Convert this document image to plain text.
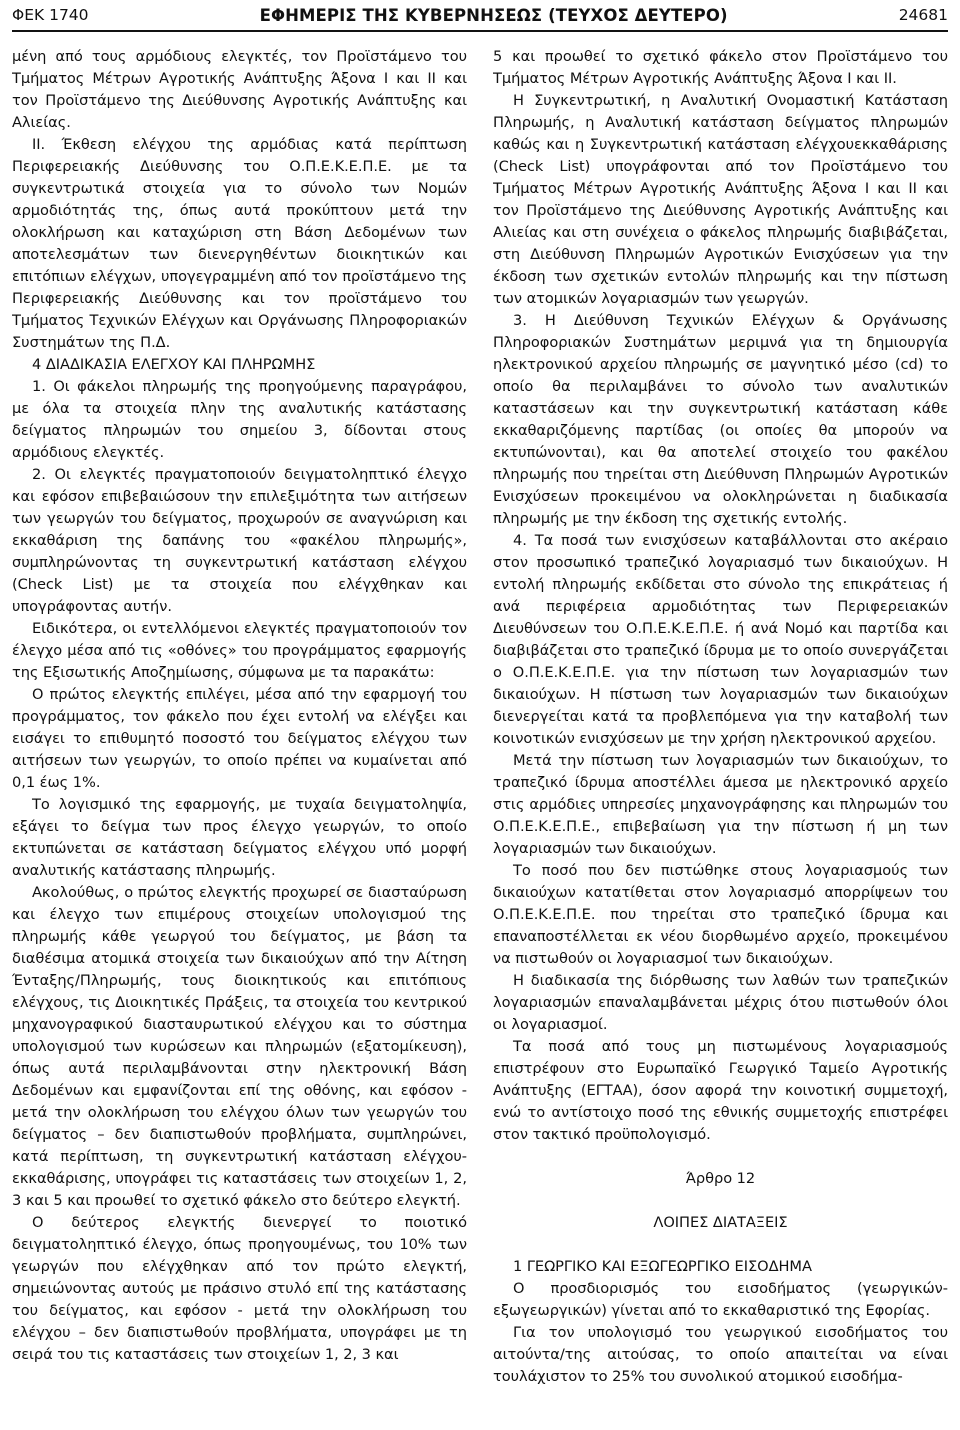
ΦΕΚ 1740	ΕΦΗΜΕΡΙΣ ΤΗΣ ΚΥΒΕΡΝΗΣΕΩΣ (ΤΕΥΧΟΣ ΔΕΥΤΕΡΟ)	24681

μένη από τους αρμόδιους ελεγκτές, τον Προϊστάμενο του Τμήματος Μέτρων Αγροτικής Ανάπτυξης Άξονα Ι και ΙΙ και τον Προϊστάμενο της Διεύθυνσης Αγροτικής Ανάπτυξης και Αλιείας.

ΙΙ. Έκθεση ελέγχου της αρμόδιας κατά περίπτωση Περιφερειακής Διεύθυνσης του Ο.Π.Ε.Κ.Ε.Π.Ε. με τα συγκεντρωτικά στοιχεία για το σύνολο των Νομών αρμοδιότητάς της, όπως αυτά προκύπτουν μετά την ολοκλήρωση και καταχώριση στη Βάση Δεδομένων των αποτελεσμάτων των διενεργηθέντων διοικητικών και επιτόπιων ελέγχων, υπογεγραμμένη από τον προϊστάμενο της Περιφερειακής Διεύθυνσης και τον προϊστάμενο του Τμήματος Τεχνικών Ελέγχων και Οργάνωσης Πληροφοριακών Συστημάτων της Π.Δ.

4 ΔΙΑΔΙΚΑΣΙΑ ΕΛΕΓΧΟΥ ΚΑΙ ΠΛΗΡΩΜΗΣ

1. Οι φάκελοι πληρωμής της προηγούμενης παραγράφου, με όλα τα στοιχεία πλην της αναλυτικής κατάστασης δείγματος πληρωμών του σημείου 3, δίδονται στους αρμόδιους ελεγκτές.

2. Οι ελεγκτές πραγματοποιούν δειγματοληπτικό έλεγχο και εφόσον επιβεβαιώσουν την επιλεξιμότητα των αιτήσεων των γεωργών του δείγματος, προχωρούν σε αναγνώριση και εκκαθάριση της δαπάνης του «φακέλου πληρωμής», συμπληρώνοντας τη συγκεντρωτική κατάσταση ελέγχου (Check List) με τα στοιχεία που ελέγχθηκαν και υπογράφοντας αυτήν.

Ειδικότερα, οι εντελλόμενοι ελεγκτές πραγματοποιούν τον έλεγχο μέσα από τις «οθόνες» του προγράμματος εφαρμογής της Εξισωτικής Αποζημίωσης, σύμφωνα με τα παρακάτω:

Ο πρώτος ελεγκτής επιλέγει, μέσα από την εφαρμογή του προγράμματος, τον φάκελο που έχει εντολή να ελέγξει και εισάγει το επιθυμητό ποσοστό του δείγματος ελέγχου των αιτήσεων των γεωργών, το οποίο πρέπει να κυμαίνεται από 0,1 έως 1%.

Το λογισμικό της εφαρμογής, με τυχαία δειγματοληψία, εξάγει το δείγμα των προς έλεγχο γεωργών, το οποίο εκτυπώνεται σε κατάσταση δείγματος ελέγχου υπό μορφή αναλυτικής κατάστασης πληρωμής.

Ακολούθως, ο πρώτος ελεγκτής προχωρεί σε διασταύρωση και έλεγχο των επιμέρους στοιχείων υπολογισμού της πληρωμής κάθε γεωργού του δείγματος, με βάση τα διαθέσιμα ατομικά στοιχεία των δικαιούχων από την Αίτηση Ένταξης/Πληρωμής, τους διοικητικούς και επιτόπιους ελέγχους, τις Διοικητικές Πράξεις, τα στοιχεία του κεντρικού μηχανογραφικού διασταυρωτικού ελέγχου και το σύστημα υπολογισμού των κυρώσεων και πληρωμών (εξατομίκευση), όπως αυτά περιλαμβάνονται στην ηλεκτρονική Βάση Δεδομένων και εμφανίζονται επί της οθόνης, και εφόσον - μετά την ολοκλήρωση του ελέγχου όλων των γεωργών του δείγματος – δεν διαπιστωθούν προβλήματα, συμπληρώνει, κατά περίπτωση, τη συγκεντρωτική κατάσταση ελέγχου-εκκαθάρισης, υπογράφει τις καταστάσεις των στοιχείων 1, 2, 3 και 5 και προωθεί το σχετικό φάκελο στο δεύτερο ελεγκτή.

Ο δεύτερος ελεγκτής διενεργεί το ποιοτικό δειγματοληπτικό έλεγχο, όπως προηγουμένως, του 10% των γεωργών που ελέγχθηκαν από τον πρώτο ελεγκτή, σημειώνοντας αυτούς με πράσινο στυλό επί της κατάστασης του δείγματος, και εφόσον - μετά την ολοκλήρωση του ελέγχου – δεν διαπιστωθούν προβλήματα, υπογράφει με τη σειρά του τις καταστάσεις των στοιχείων 1, 2, 3 και

5 και προωθεί το σχετικό φάκελο στον Προϊστάμενο του Τμήματος Μέτρων Αγροτικής Ανάπτυξης Άξονα Ι και ΙΙ.

Η Συγκεντρωτική, η Αναλυτική Ονομαστική Κατάσταση Πληρωμής, η Αναλυτική κατάσταση δείγματος πληρωμών καθώς και η Συγκεντρωτική κατάσταση ελέγχουεκκαθάρισης (Check List) υπογράφονται από τον Προϊστάμενο του Τμήματος Μέτρων Αγροτικής Ανάπτυξης Άξονα Ι και ΙΙ και τον Προϊστάμενο της Διεύθυνσης Αγροτικής Ανάπτυξης και Αλιείας και στη συνέχεια ο φάκελος πληρωμής διαβιβάζεται, στη Διεύθυνση Πληρωμών Αγροτικών Ενισχύσεων για την έκδοση των σχετικών εντολών πληρωμής και την πίστωση των ατομικών λογαριασμών των γεωργών.

3. Η Διεύθυνση Τεχνικών Ελέγχων & Οργάνωσης Πληροφοριακών Συστημάτων μεριμνά για τη δημιουργία ηλεκτρονικού αρχείου πληρωμής σε μαγνητικό μέσο (cd) το οποίο θα περιλαμβάνει το σύνολο των αναλυτικών καταστάσεων και την συγκεντρωτική κατάσταση κάθε εκκαθαριζόμενης παρτίδας (οι οποίες θα μπορούν να εκτυπώνονται), και θα αποτελεί στοιχείο του φακέλου πληρωμής που τηρείται στη Διεύθυνση Πληρωμών Αγροτικών Ενισχύσεων προκειμένου να ολοκληρώνεται η διαδικασία πληρωμής με την έκδοση της σχετικής εντολής.

4. Τα ποσά των ενισχύσεων καταβάλλονται στο ακέραιο στον προσωπικό τραπεζικό λογαριασμό των δικαιούχων. Η εντολή πληρωμής εκδίδεται στο σύνολο της επικράτειας ή ανά περιφέρεια αρμοδιότητας των Περιφερειακών Διευθύνσεων του Ο.Π.Ε.Κ.Ε.Π.Ε. ή ανά Νομό και παρτίδα και διαβιβάζεται στο τραπεζικό ίδρυμα με το οποίο συνεργάζεται ο Ο.Π.Ε.Κ.Ε.Π.Ε. για την πίστωση των λογαριασμών των δικαιούχων. Η πίστωση των λογαριασμών των δικαιούχων διενεργείται κατά τα προβλεπόμενα για την καταβολή των κοινοτικών ενισχύσεων με την χρήση ηλεκτρονικού αρχείου.

Μετά την πίστωση των λογαριασμών των δικαιούχων, το τραπεζικό ίδρυμα αποστέλλει άμεσα με ηλεκτρονικό αρχείο στις αρμόδιες υπηρεσίες μηχανογράφησης και πληρωμών του Ο.Π.Ε.Κ.Ε.Π.Ε., επιβεβαίωση για την πίστωση ή μη των λογαριασμών των δικαιούχων.

Το ποσό που δεν πιστώθηκε στους λογαριασμούς των δικαιούχων κατατίθεται στον λογαριασμό απορρίψεων του Ο.Π.Ε.Κ.Ε.Π.Ε. που τηρείται στο τραπεζικό ίδρυμα και επαναποστέλλεται εκ νέου διορθωμένο αρχείο, προκειμένου να πιστωθούν οι λογαριασμοί των δικαιούχων.

Η διαδικασία της διόρθωσης των λαθών των τραπεζικών λογαριασμών επαναλαμβάνεται μέχρις ότου πιστωθούν όλοι οι λογαριασμοί.

Τα ποσά από τους μη πιστωμένους λογαριασμούς επιστρέφουν στο Ευρωπαϊκό Γεωργικό Ταμείο Αγροτικής Ανάπτυξης (ΕΓΤΑΑ), όσον αφορά την κοινοτική συμμετοχή, ενώ το αντίστοιχο ποσό της εθνικής συμμετοχής επιστρέφει στον τακτικό προϋπολογισμό.

Άρθρο 12

ΛΟΙΠΕΣ ΔΙΑΤΑΞΕΙΣ

1 ΓΕΩΡΓΙΚΟ ΚΑΙ ΕΞΩΓΕΩΡΓΙΚΟ ΕΙΣΟΔΗΜΑ

Ο προσδιορισμός του εισοδήματος (γεωργικών-εξωγεωργικών) γίνεται από το εκκαθαριστικό της Εφορίας.

Για τον υπολογισμό του γεωργικού εισοδήματος του αιτούντα/της αιτούσας, το οποίο απαιτείται να είναι τουλάχιστον το 25% του συνολικού ατομικού εισοδήμα-
